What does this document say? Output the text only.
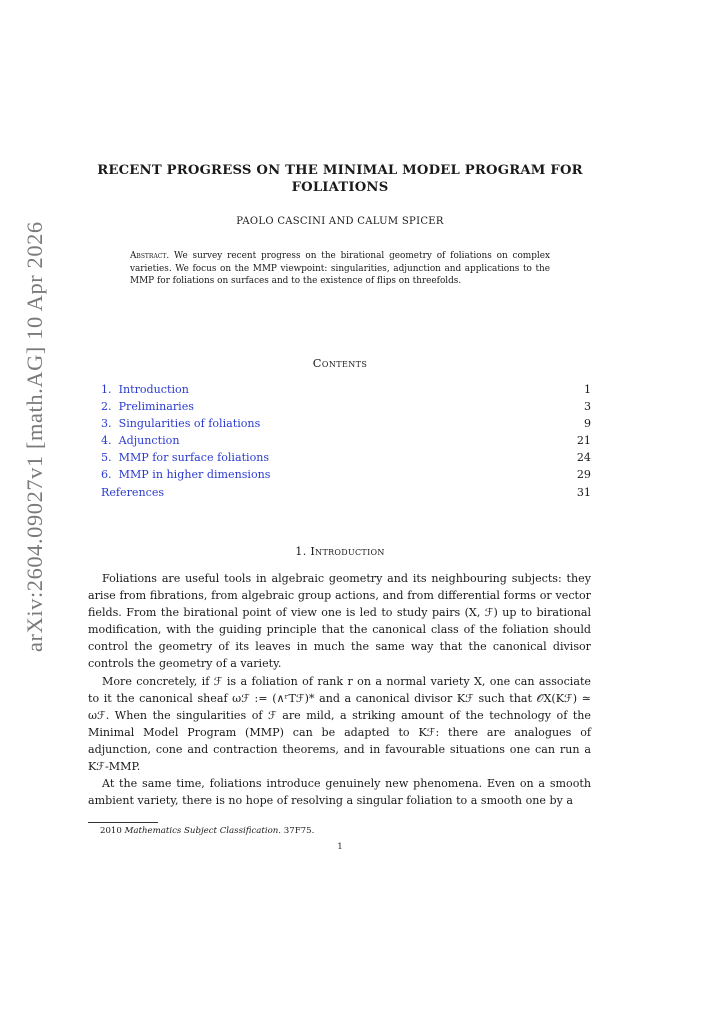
arXiv:2604.09027v1 [math.AG] 10 Apr 2026
RECENT PROGRESS ON THE MINIMAL MODEL PROGRAM FOR
FOLIATIONS
PAOLO CASCINI AND CALUM SPICER
Abstract. We survey recent progress on the birational geometry of foliations on complex varieties. We focus on the MMP viewpoint: singularities, adjunction and applications to the MMP for foliations on surfaces and to the existence of flips on threefolds.
Contents
1. Introduction	1
2. Preliminaries	3
3. Singularities of foliations	9
4. Adjunction	21
5. MMP for surface foliations	24
6. MMP in higher dimensions	29
References	31
1. Introduction

Foliations are useful tools in algebraic geometry and its neighbouring subjects: they arise from fibrations, from algebraic group actions, and from differential forms or vector fields. From the birational point of view one is led to study pairs (X, ℱ) up to birational modification, with the guiding principle that the canonical class of the foliation should control the geometry of its leaves in much the same way that the canonical divisor controls the geometry of a variety.

More concretely, if ℱ is a foliation of rank r on a normal variety X, one can associate to it the canonical sheaf ωℱ := (∧ʳTℱ)* and a canonical divisor Kℱ such that 𝒪X(Kℱ) ≃ ωℱ. When the singularities of ℱ are mild, a striking amount of the technology of the Minimal Model Program (MMP) can be adapted to Kℱ: there are analogues of adjunction, cone and contraction theorems, and in favourable situations one can run a Kℱ-MMP.

At the same time, foliations introduce genuinely new phenomena. Even on a smooth ambient variety, there is no hope of resolving a singular foliation to a smooth one by a

2010 Mathematics Subject Classification. 37F75.
1
